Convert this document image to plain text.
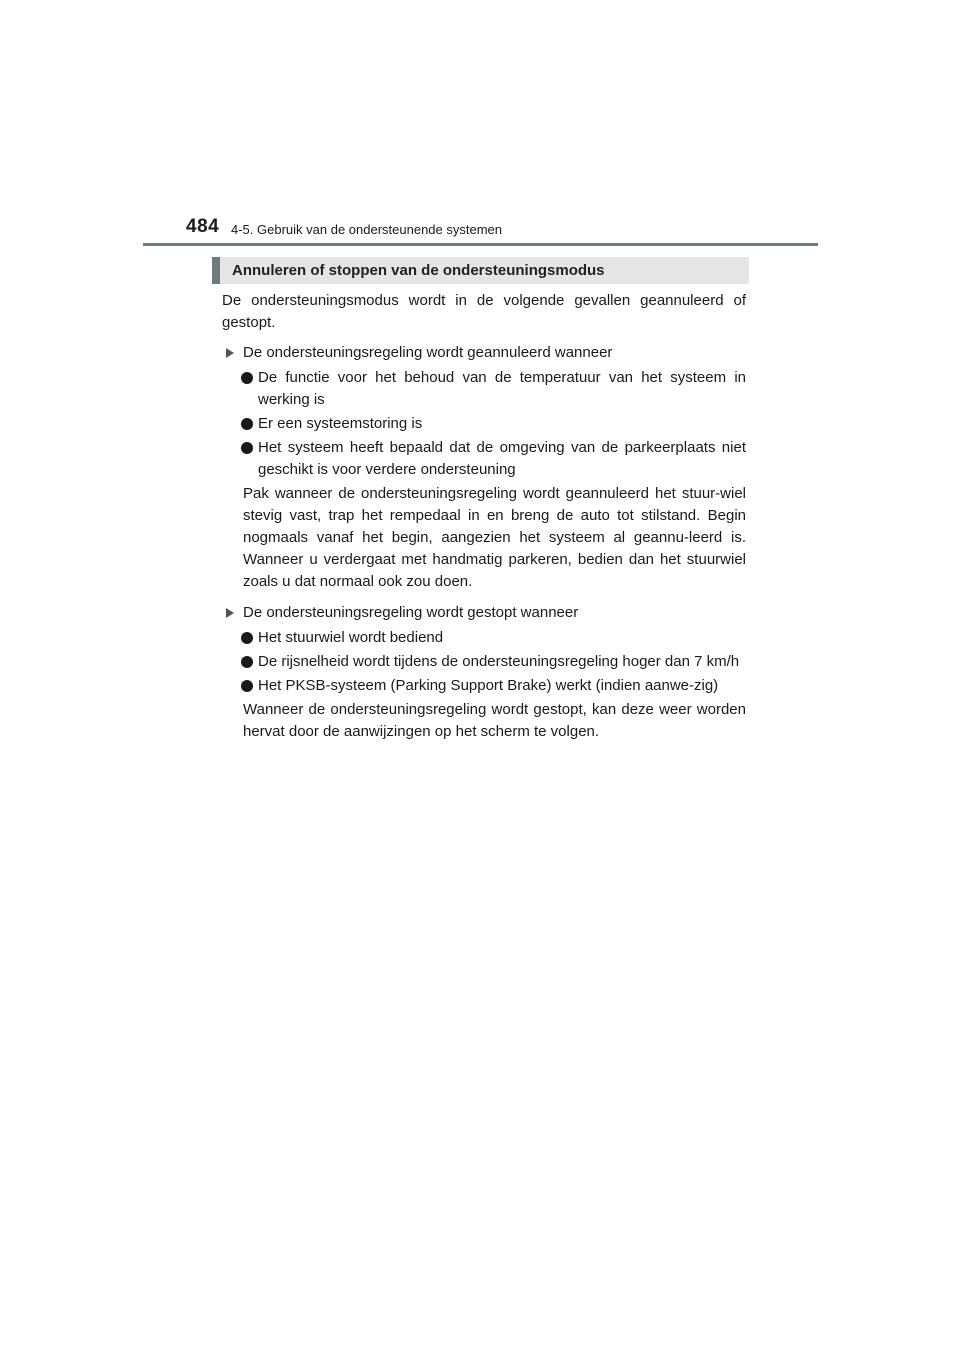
484 4-5. Gebruik van de ondersteunende systemen
Annuleren of stoppen van de ondersteuningsmodus

De ondersteuningsmodus wordt in de volgende gevallen geannuleerd of gestopt.

De ondersteuningsregeling wordt geannuleerd wanneer

De functie voor het behoud van de temperatuur van het systeem in werking is

Er een systeemstoring is

Het systeem heeft bepaald dat de omgeving van de parkeerplaats niet geschikt is voor verdere ondersteuning

Pak wanneer de ondersteuningsregeling wordt geannuleerd het stuur-wiel stevig vast, trap het rempedaal in en breng de auto tot stilstand. Begin nogmaals vanaf het begin, aangezien het systeem al geannu-leerd is. Wanneer u verdergaat met handmatig parkeren, bedien dan het stuurwiel zoals u dat normaal ook zou doen.

De ondersteuningsregeling wordt gestopt wanneer

Het stuurwiel wordt bediend

De rijsnelheid wordt tijdens de ondersteuningsregeling hoger dan 7 km/h

Het PKSB-systeem (Parking Support Brake) werkt (indien aanwe-zig)

Wanneer de ondersteuningsregeling wordt gestopt, kan deze weer worden hervat door de aanwijzingen op het scherm te volgen.
